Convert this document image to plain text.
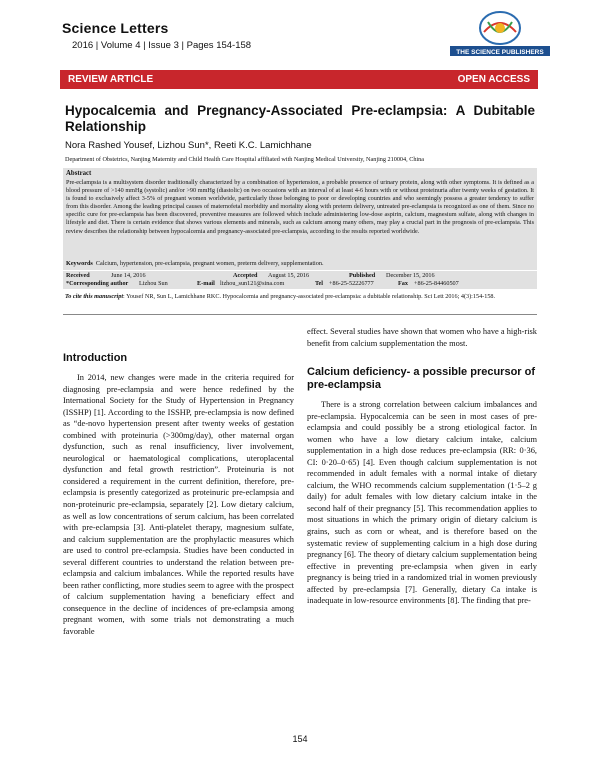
Science Letters
2016 | Volume 4 | Issue 3 | Pages 154-158
THE SCIENCE PUBLISHERS
REVIEW ARTICLE	OPEN ACCESS
Hypocalcemia and Pregnancy-Associated Pre-eclampsia: A Dubitable Relationship
Nora Rashed Yousef, Lizhou Sun*, Reeti K.C. Lamichhane
Department of Obstetrics, Nanjing Maternity and Child Health Care Hospital affiliated with Nanjing Medical University, Nanjing 210004, China
Abstract
Pre-eclampsia is a multisystem disorder traditionally characterized by a combination of hypertension, a probable presence of urinary protein, along with other symptoms. It is defined as a blood pressure of >140 mmHg (systolic) and/or >90 mmHg (diastolic) on two occasions with an interval of at least 4-6 hours with or without proteinuria after twenty weeks of gestation. It is found to exclusively affect 3-5% of pregnant women worldwide, particularly those belonging to poor or developing countries and who seemingly possess a greater tendency to suffer from this disorder. Among the leading principal causes of maternofetal morbidity and mortality along with preterm delivery, untreated pre-eclampsia is recognized as one of them. Since no specific cure for pre-eclampsia has been discovered, preventive measures are followed which include administering low-dose aspirin, calcium, magnesium sulfate, along with changes in lifestyle and diet. There is certain evidence that shows various elements and minerals, such as calcium among many others, may play a crucial part in the prognosis of pre-eclampsia. This review describes the relationship between hypocalcemia and pregnancy-associated pre-eclampsia, according to the results reported worldwide.
Keywords Calcium, hypertension, pre-eclampsia, pregnant women, preterm delivery, supplementation.
Received	June 14, 2016	Accepted August 15, 2016	Published December 15, 2016
*Corresponding author Lizhou Sun	E-mail lizhou_sun121@sina.com	Tel +86-25-52226777	Fax +86-25-84460507
To cite this manuscript: Yousef NR, Sun L, Lamichhane RKC. Hypocalcemia and pregnancy-associated pre-eclampsia: a dubitable relationship. Sci Lett 2016; 4(3):154-158.
Introduction
In 2014, new changes were made in the criteria required for diagnosing pre-eclampsia and were hence redefined by the International Society for the Study of Hypertension in Pregnancy (ISSHP) [1]. According to the ISSHP, pre-eclampsia is now defined as “de-novo hypertension present after twenty weeks of gestation combined with proteinuria (>300mg/day), other maternal organ dysfunction, such as renal insufficiency, liver involvement, neurological or haematological complications, uteroplacental dysfunction and fetal growth restriction”. Proteinuria is not considered a requirement in the current definition, therefore, pre-eclampsia is presently categorized as proteinuric pre-eclampsia and non-proteinuric pre-eclampsia, separately [2]. Low dietary calcium, as well as low concentrations of serum calcium, has been correlated with pre-eclampsia [3]. Anti-platelet therapy, magnesium sulfate, and calcium supplementation are the prophylactic measures which are used to control pre-eclampsia. Studies have been conducted in several different countries to understand the relation between pre-eclampsia and calcium imbalances. While the reported results have been rather conflicting, more studies seem to agree with the prospect of calcium supplementation having a beneficiary effect and consequence in the decline of incidences of pre-eclampsia among pregnant women, with some trials not demonstrating a much favorable
effect. Several studies have shown that women who have a high-risk benefit from calcium supplementation the most.
Calcium deficiency- a possible precursor of pre-eclampsia
There is a strong correlation between calcium imbalances and pre-eclampsia. Hypocalcemia can be seen in most cases of pre-eclampsia and could possibly be a strong etiological factor. In women who have a low dietary calcium intake, calcium supplementation in a high dose reduces pre-eclampsia (RR: 0·36, CI: 0·20–0·65) [4]. Even though calcium supplementation is not recommended in adult females with a normal intake of dietary calcium, the WHO recommends calcium supplementation (1·5–2 g daily) for adult females with low dietary calcium intake in the second half of their pregnancy [5]. This recommendation applies to most situations in which the primary origin of dietary calcium is grains, such as corn or wheat, and is therefore based on the systematic review of supplementing calcium in a high dose during pregnancy [6]. The theory of dietary calcium supplementation being effective in preventing pre-eclampsia when given in early pregnancy is being tried in a randomized trial in women previously affected by pre-eclampsia [7]. Generally, dietary Ca intake is inadequate in low-resource environments [8]. The finding that pre-
154
